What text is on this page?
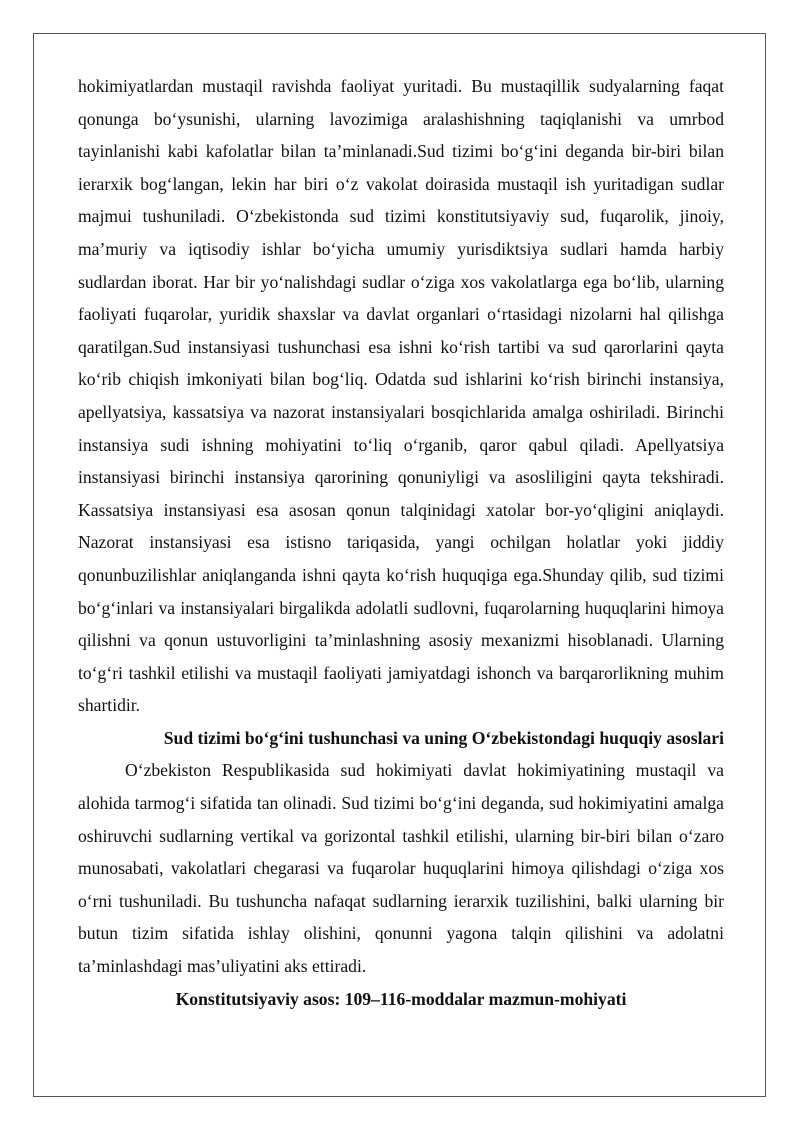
hokimiyatlardan mustaqil ravishda faoliyat yuritadi. Bu mustaqillik sudyalarning faqat qonunga bo‘ysunishi, ularning lavozimiga aralashishning taqiqlanishi va umrbod tayinlanishi kabi kafolatlar bilan ta’minlanadi.Sud tizimi bo‘g‘ini deganda bir-biri bilan ierarxik bog‘langan, lekin har biri o‘z vakolat doirasida mustaqil ish yuritadigan sudlar majmui tushuniladi. O‘zbekistonda sud tizimi konstitutsiyaviy sud, fuqarolik, jinoiy, ma’muriy va iqtisodiy ishlar bo‘yicha umumiy yurisdiktsiya sudlari hamda harbiy sudlardan iborat. Har bir yo‘nalishdagi sudlar o‘ziga xos vakolatlarga ega bo‘lib, ularning faoliyati fuqarolar, yuridik shaxslar va davlat organlari o‘rtasidagi nizolarni hal qilishga qaratilgan.Sud instansiyasi tushunchasi esa ishni ko‘rish tartibi va sud qarorlarini qayta ko‘rib chiqish imkoniyati bilan bog‘liq. Odatda sud ishlarini ko‘rish birinchi instansiya, apellyatsiya, kassatsiya va nazorat instansiyalari bosqichlarida amalga oshiriladi. Birinchi instansiya sudi ishning mohiyatini to‘liq o‘rganib, qaror qabul qiladi. Apellyatsiya instansiyasi birinchi instansiya qarorining qonuniyligi va asosliligini qayta tekshiradi. Kassatsiya instansiyasi esa asosan qonun talqinidagi xatolar bor-yo‘qligini aniqlaydi. Nazorat instansiyasi esa istisno tariqasida, yangi ochilgan holatlar yoki jiddiy qonunbuzilishlar aniqlanganda ishni qayta ko‘rish huquqiga ega.Shunday qilib, sud tizimi bo‘g‘inlari va instansiyalari birgalikda adolatli sudlovni, fuqarolarning huquqlarini himoya qilishni va qonun ustuvorligini ta’minlashning asosiy mexanizmi hisoblanadi. Ularning to‘g‘ri tashkil etilishi va mustaqil faoliyati jamiyatdagi ishonch va barqarorlikning muhim shartidir.

Sud tizimi bo‘g‘ini tushunchasi va uning O‘zbekistondagi huquqiy asoslari

O‘zbekiston Respublikasida sud hokimiyati davlat hokimiyatining mustaqil va alohida tarmog‘i sifatida tan olinadi. Sud tizimi bo‘g‘ini deganda, sud hokimiyatini amalga oshiruvchi sudlarning vertikal va gorizontal tashkil etilishi, ularning bir-biri bilan o‘zaro munosabati, vakolatlari chegarasi va fuqarolar huquqlarini himoya qilishdagi o‘ziga xos o‘rni tushuniladi. Bu tushuncha nafaqat sudlarning ierarxik tuzilishini, balki ularning bir butun tizim sifatida ishlay olishini, qonunni yagona talqin qilishini va adolatni ta’minlashdagi mas’uliyatini aks ettiradi.

Konstitutsiyaviy asos: 109–116-moddalar mazmun-mohiyati
